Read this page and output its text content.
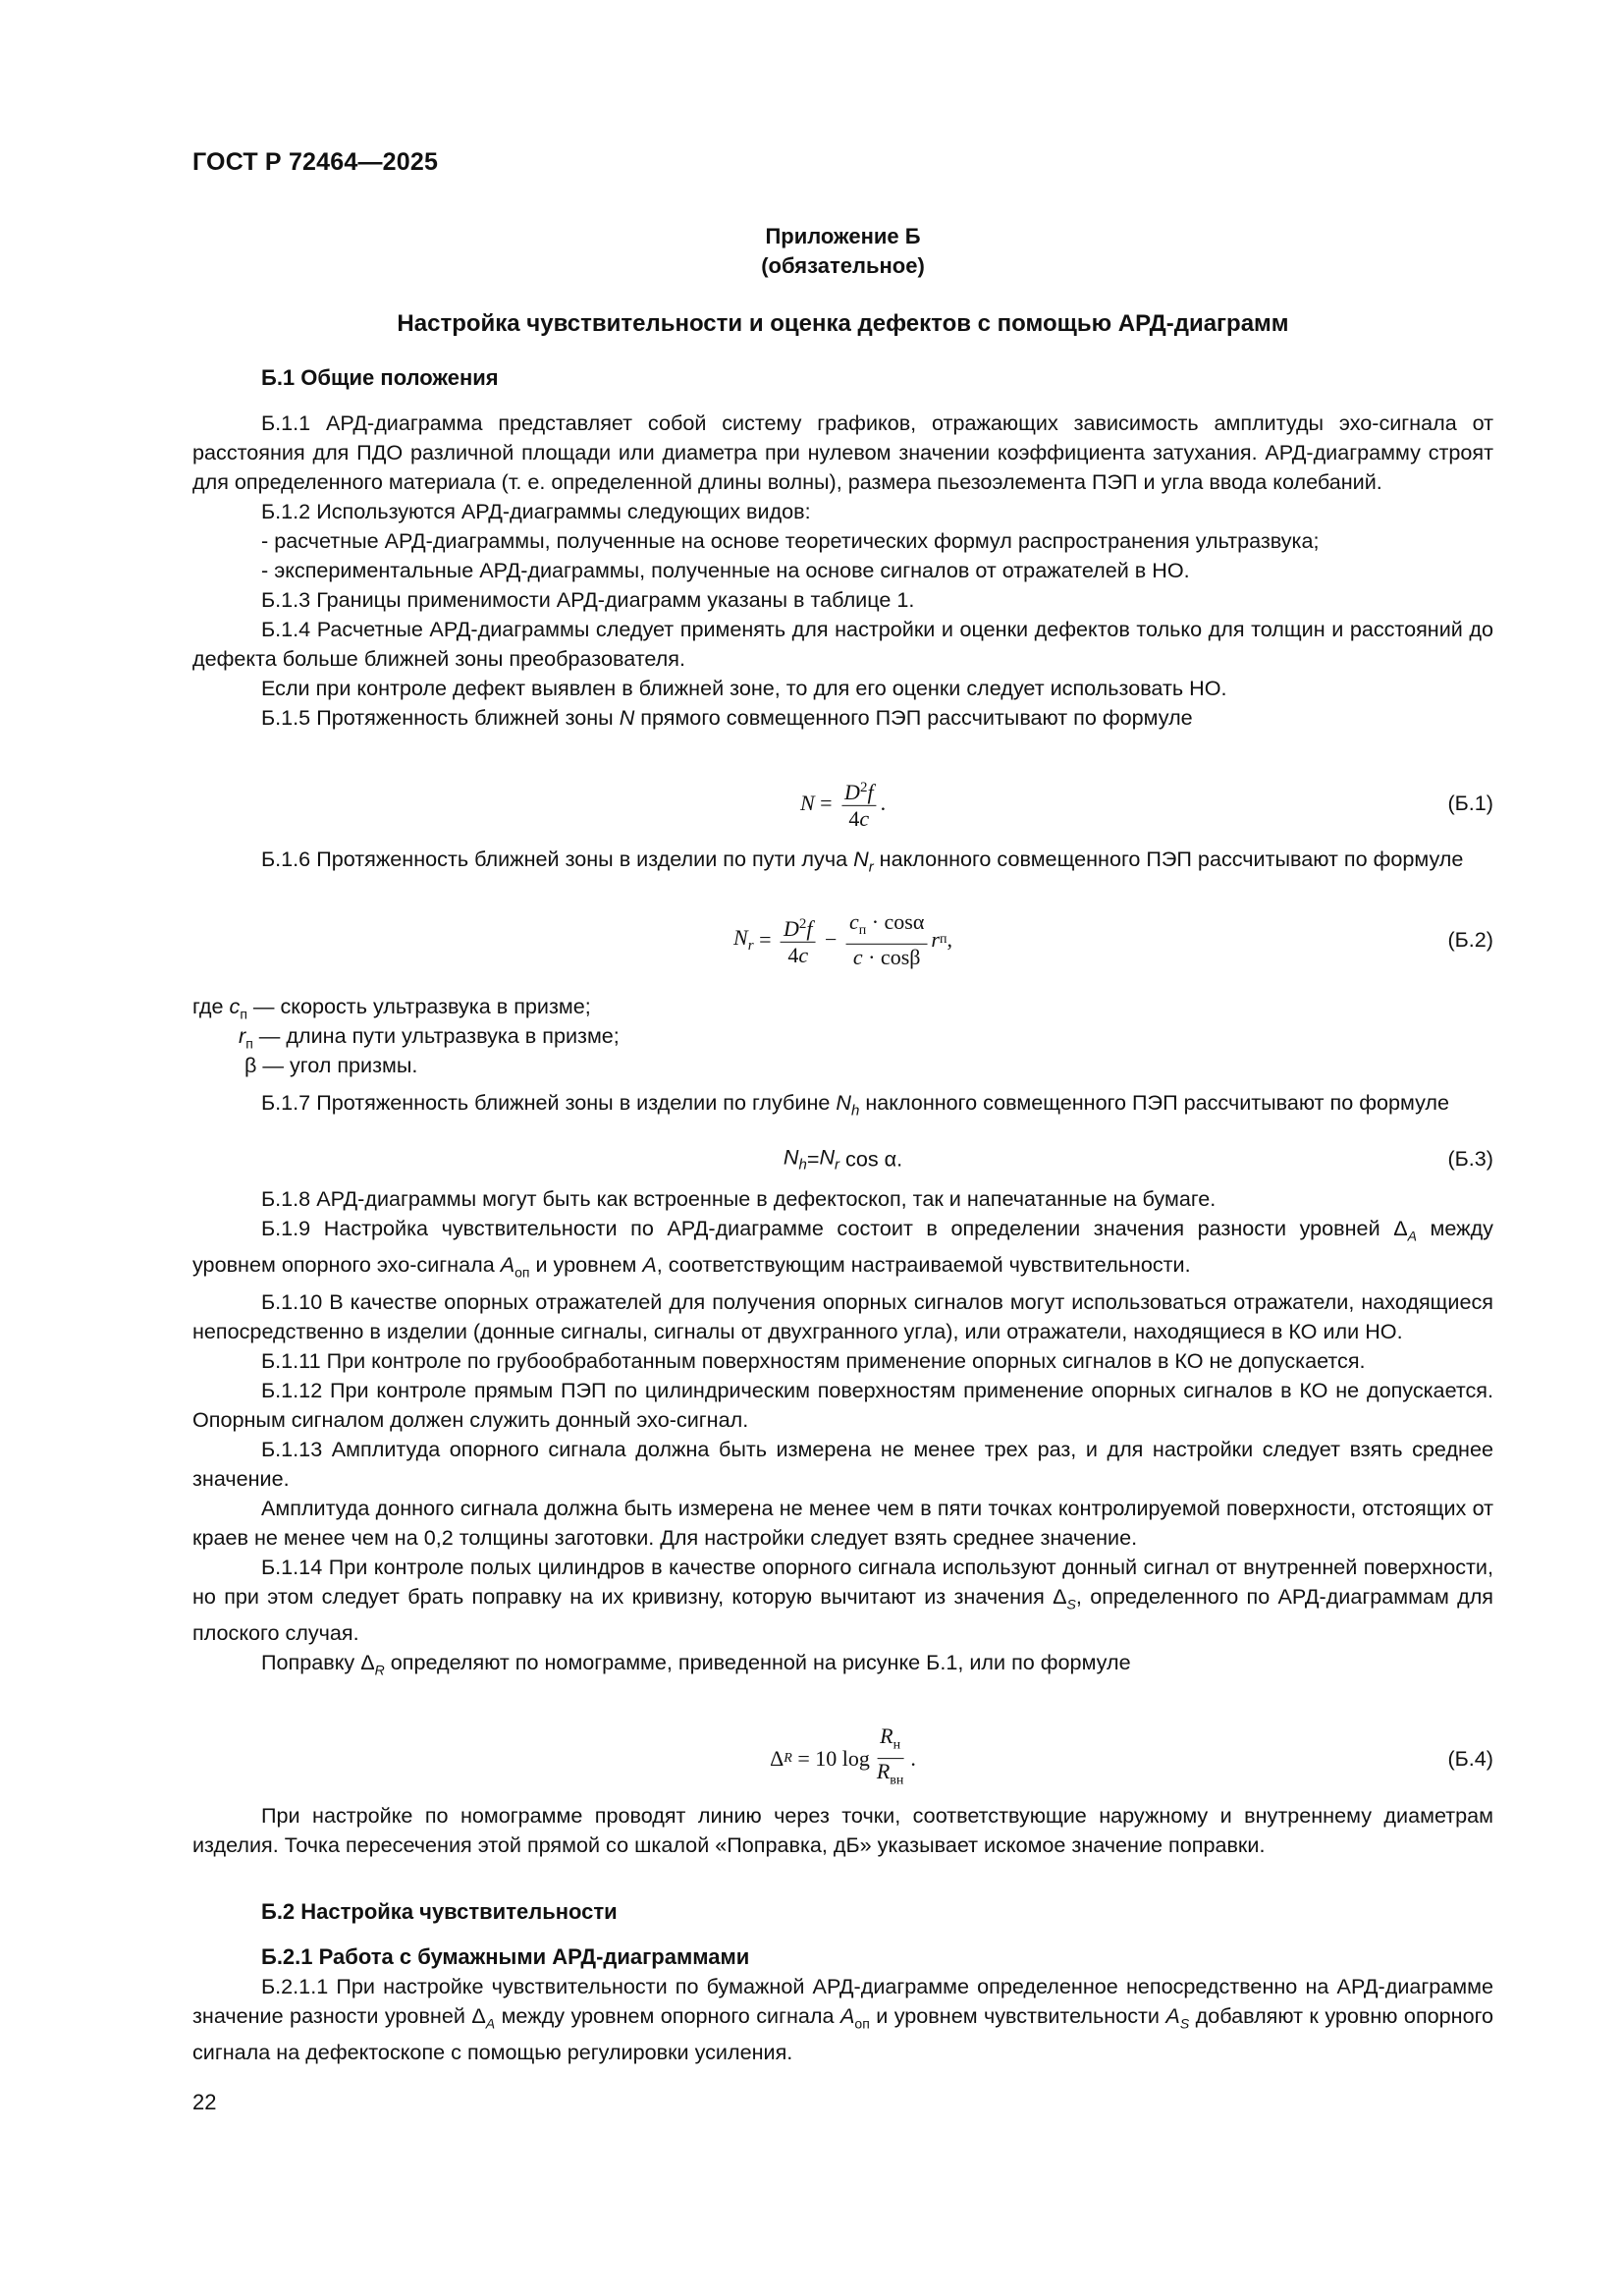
ГОСТ Р 72464—2025
Приложение Б
(обязательное)
Настройка чувствительности и оценка дефектов с помощью АРД-диаграмм
Б.1 Общие положения

Б.1.1 АРД-диаграмма представляет собой систему графиков, отражающих зависимость амплитуды эхо-сигнала от расстояния для ПДО различной площади или диаметра при нулевом значении коэффициента затухания. АРД-диаграмму строят для определенного материала (т. е. определенной длины волны), размера пьезоэлемента ПЭП и угла ввода колебаний.

Б.1.2 Используются АРД-диаграммы следующих видов:

- расчетные АРД-диаграммы, полученные на основе теоретических формул распространения ультразвука;

- экспериментальные АРД-диаграммы, полученные на основе сигналов от отражателей в НО.

Б.1.3 Границы применимости АРД-диаграмм указаны в таблице 1.

Б.1.4 Расчетные АРД-диаграммы следует применять для настройки и оценки дефектов только для толщин и расстояний до дефекта больше ближней зоны преобразователя.

Если при контроле дефект выявлен в ближней зоне, то для его оценки следует использовать НО.

Б.1.5 Протяженность ближней зоны N прямого совмещенного ПЭП рассчитывают по формуле

$N = \frac{D^2f}{4c}$ .	(Б.1)

Б.1.6 Протяженность ближней зоны в изделии по пути луча $N_r$ наклонного совмещенного ПЭП рассчитывают по формуле

$N_r = \frac{D^2f}{4c} - \frac{c_п \cdot \cos\alpha}{c \cdot \cos\beta}$ r п ,	(Б.2)
где $c_п$ — скорость ультразвука в призме;
$r_п$ — длина пути ультразвука в призме;
β — угол призмы.

Б.1.7 Протяженность ближней зоны в изделии по глубине $N_h$ наклонного совмещенного ПЭП рассчитывают по формуле

$N_h = N_r$ cos α.	(Б.3)

Б.1.8 АРД-диаграммы могут быть как встроенные в дефектоскоп, так и напечатанные на бумаге.

Б.1.9 Настройка чувствительности по АРД-диаграмме состоит в определении значения разности уровней $\Delta_A$ между уровнем опорного эхо-сигнала $A_{оп}$ и уровнем A, соответствующим настраиваемой чувствительности.

Б.1.10 В качестве опорных отражателей для получения опорных сигналов могут использоваться отражатели, находящиеся непосредственно в изделии (донные сигналы, сигналы от двухгранного угла), или отражатели, находящиеся в КО или НО.

Б.1.11 При контроле по грубообработанным поверхностям применение опорных сигналов в КО не допускается.

Б.1.12 При контроле прямым ПЭП по цилиндрическим поверхностям применение опорных сигналов в КО не допускается. Опорным сигналом должен служить донный эхо-сигнал.

Б.1.13 Амплитуда опорного сигнала должна быть измерена не менее трех раз, и для настройки следует взять среднее значение.

Амплитуда донного сигнала должна быть измерена не менее чем в пяти точках контролируемой поверхности, отстоящих от краев не менее чем на 0,2 толщины заготовки. Для настройки следует взять среднее значение.

Б.1.14 При контроле полых цилиндров в качестве опорного сигнала используют донный сигнал от внутренней поверхности, но при этом следует брать поправку на их кривизну, которую вычитают из значения $\Delta_S$, определенного по АРД-диаграммам для плоского случая.

Поправку $\Delta_R$ определяют по номограмме, приведенной на рисунке Б.1, или по формуле

Δ R = 10 $\log \frac{R_н}{R_{вн}}$ .	(Б.4)

При настройке по номограмме проводят линию через точки, соответствующие наружному и внутреннему диаметрам изделия. Точка пересечения этой прямой со шкалой «Поправка, дБ» указывает искомое значение поправки.

Б.2 Настройка чувствительности
Б.2.1 Работа с бумажными АРД-диаграммами

Б.2.1.1 При настройке чувствительности по бумажной АРД-диаграмме определенное непосредственно на АРД-диаграмме значение разности уровней $\Delta_A$ между уровнем опорного сигнала $A_{оп}$ и уровнем чувствительности $A_S$ добавляют к уровню опорного сигнала на дефектоскопе с помощью регулировки усиления.

22
